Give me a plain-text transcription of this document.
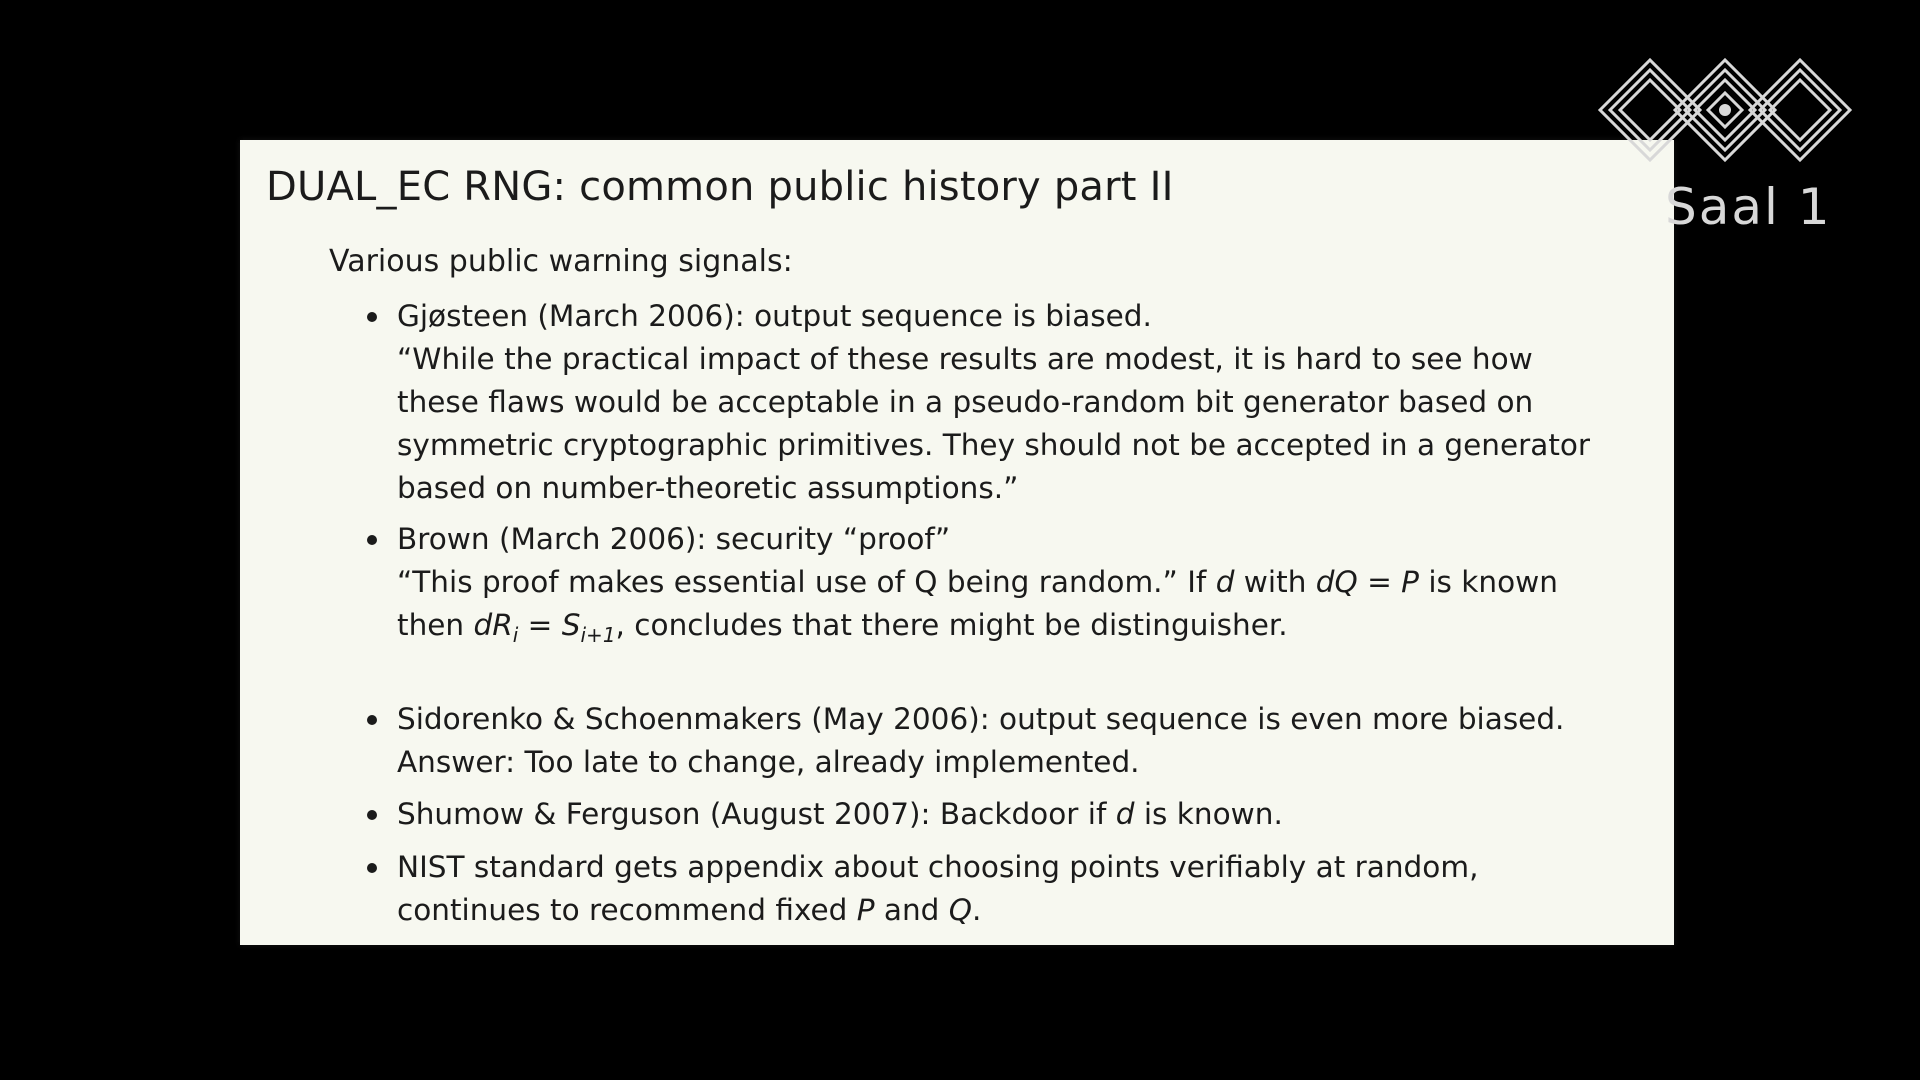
DUAL_EC RNG: common public history part II
Various public warning signals:
Gjøsteen (March 2006): output sequence is biased.
“While the practical impact of these results are modest, it is hard to see how
these flaws would be acceptable in a pseudo-random bit generator based on
symmetric cryptographic primitives. They should not be accepted in a generator
based on number-theoretic assumptions.”
Brown (March 2006): security “proof”
“This proof makes essential use of Q being random.” If d with dQ = P is known
then $dR_i = S_{i+1}$, concludes that there might be distinguisher.
Sidorenko & Schoenmakers (May 2006): output sequence is even more biased.
Answer: Too late to change, already implemented.
Shumow & Ferguson (August 2007): Backdoor if d is known.
NIST standard gets appendix about choosing points verifiably at random,
continues to recommend fixed P and Q.
Saal 1
